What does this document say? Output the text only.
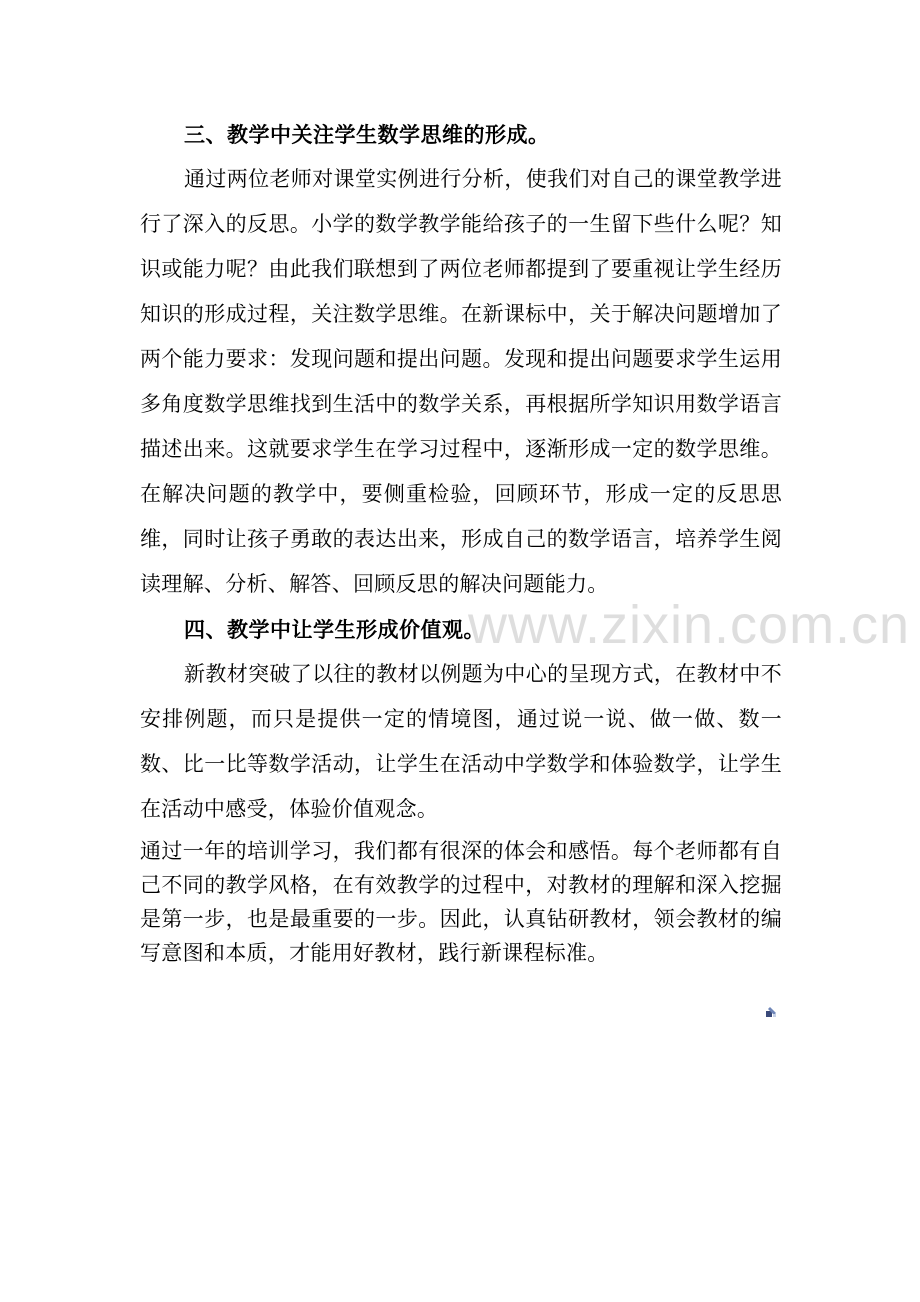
三、教学中关注学生数学思维的形成。

通过两位老师对课堂实例进行分析，使我们对自己的课堂教学进行了深入的反思。小学的数学教学能给孩子的一生留下些什么呢？知识或能力呢？由此我们联想到了两位老师都提到了要重视让学生经历知识的形成过程，关注数学思维。在新课标中，关于解决问题增加了两个能力要求：发现问题和提出问题。发现和提出问题要求学生运用多角度数学思维找到生活中的数学关系，再根据所学知识用数学语言描述出来。这就要求学生在学习过程中，逐渐形成一定的数学思维。在解决问题的教学中，要侧重检验，回顾环节，形成一定的反思思维，同时让孩子勇敢的表达出来，形成自己的数学语言，培养学生阅读理解、分析、解答、回顾反思的解决问题能力。

四、教学中让学生形成价值观。

新教材突破了以往的教材以例题为中心的呈现方式，在教材中不安排例题，而只是提供一定的情境图，通过说一说、做一做、数一数、比一比等数学活动，让学生在活动中学数学和体验数学，让学生在活动中感受，体验价值观念。

通过一年的培训学习，我们都有很深的体会和感悟。每个老师都有自己不同的教学风格，在有效教学的过程中，对教材的理解和深入挖掘是第一步，也是最重要的一步。因此，认真钻研教材，领会教材的编写意图和本质，才能用好教材，践行新课程标准。

www.zixin.com.cn
